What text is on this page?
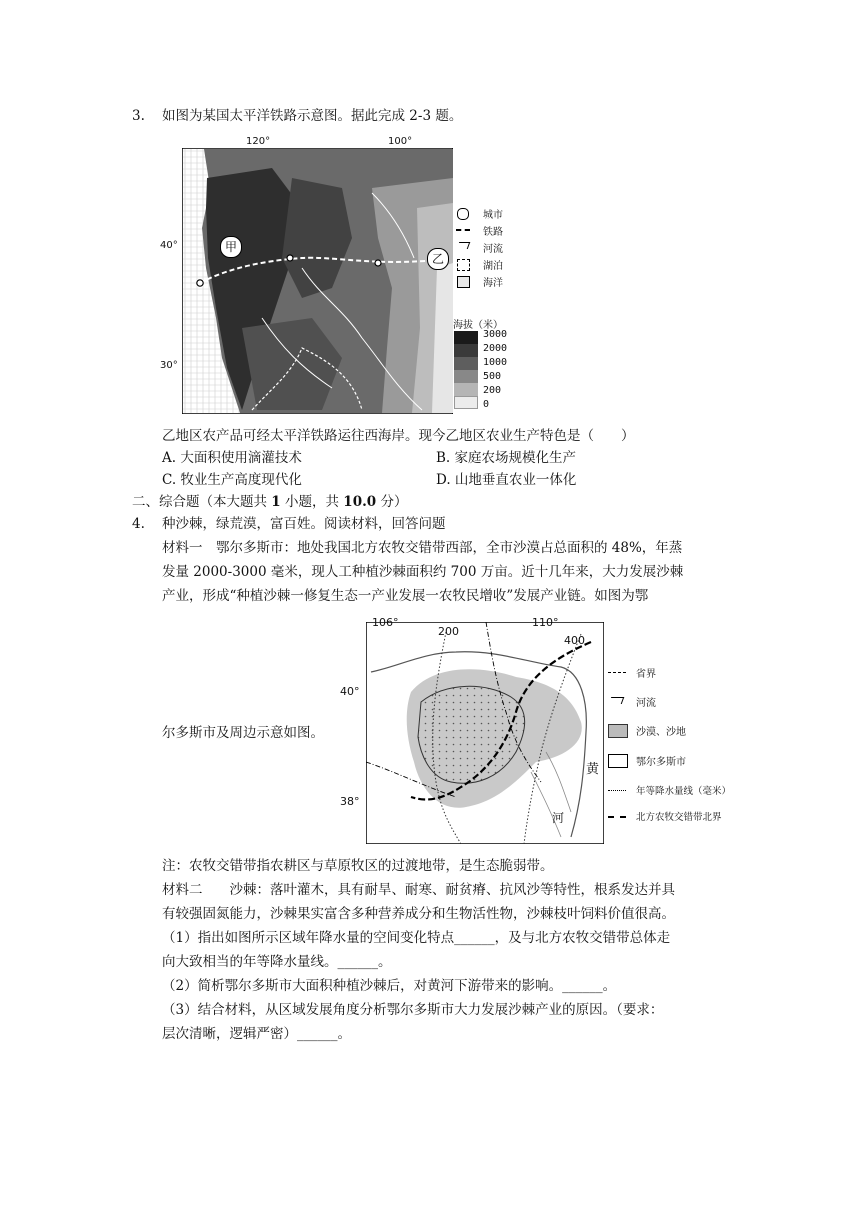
3. 如图为某国太平洋铁路示意图。据此完成 2-3 题。
120°	100°
40°
30°
甲
乙
城市
铁路
河流
湖泊
海洋
海拔（米）
3000
2000
1000
500
200
0
乙地区农产品可经太平洋铁路运往西海岸。现今乙地区农业生产特色是（　　）
A. 大面积使用滴灌技术	B. 家庭农场规模化生产
C. 牧业生产高度现代化	D. 山地垂直农业一体化
二、综合题（本大题共 1 小题，共 10.0 分）
4. 种沙棘，绿荒漠，富百姓。阅读材料，回答问题
材料一　鄂尔多斯市：地处我国北方农牧交错带西部，全市沙漠占总面积的 48%，年蒸
发量 2000-3000 毫米，现人工种植沙棘面积约 700 万亩。近十几年来，大力发展沙棘
产业，形成“种植沙棘一修复生态一产业发展一农牧民增收”发展产业链。如图为鄂
尔多斯市及周边示意如图。
106°	110°
40°
38°
200
400
黄
河
省界
河流
沙漠、沙地
鄂尔多斯市
年等降水量线（毫米）
北方农牧交错带北界
注：农牧交错带指农耕区与草原牧区的过渡地带，是生态脆弱带。
材料二　　沙棘：落叶灌木，具有耐旱、耐寒、耐贫瘠、抗风沙等特性，根系发达并具
有较强固氮能力，沙棘果实富含多种营养成分和生物活性物，沙棘枝叶饲料价值很高。
（1）指出如图所示区域年降水量的空间变化特点______，及与北方农牧交错带总体走
向大致相当的年等降水量线。______。
（2）简析鄂尔多斯市大面积种植沙棘后，对黄河下游带来的影响。______。
（3）结合材料，从区域发展角度分析鄂尔多斯市大力发展沙棘产业的原因。（要求：
层次清晰，逻辑严密）______。
